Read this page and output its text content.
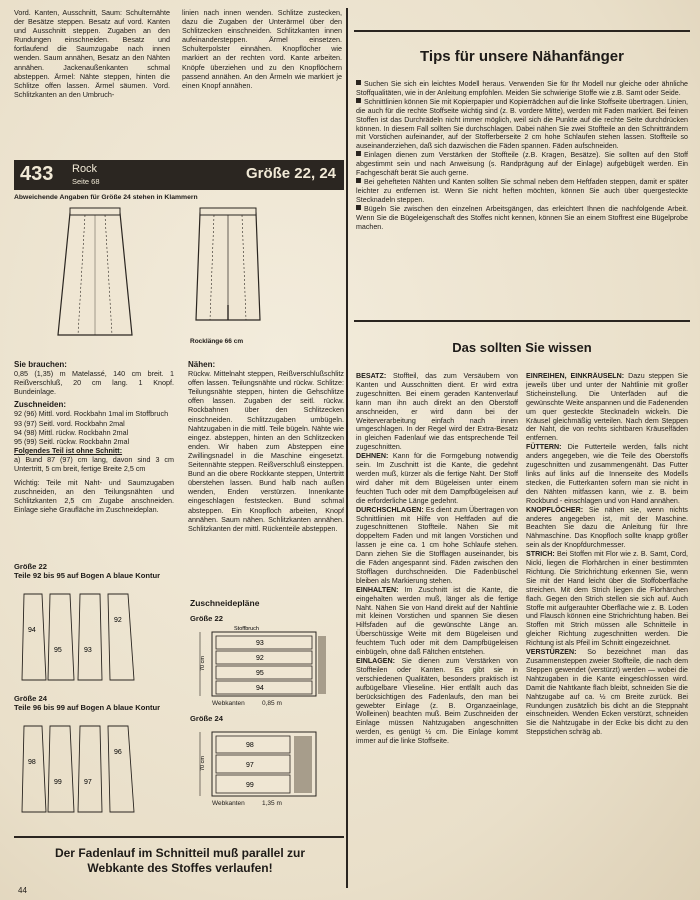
Vord. Kanten, Ausschnitt, Saum: Schulternähte der Besätze steppen. Besatz auf vord. Kanten und Ausschnitt steppen. Zugaben an den Rundungen einschneiden. Besatz und fortlaufend die Saumzugabe nach innen wenden. Saum annähen, Besatz an den Nähten annähen. Jackenaußenkanten schmal absteppen. Ärmel: Nähte steppen, hinten die Schlitze offen lassen. Ärmel säumen. Vord. Schlitzkanten an den Umbruch-
linien nach innen wenden. Schlitze zustecken, dazu die Zugaben der Unterärmel über den Schlitzecken einschneiden. Schlitzkanten innen aufeinandersteppen. Ärmel einsetzen. Schulterpolster einnähen. Knopflöcher wie markiert an der rechten vord. Kante arbeiten. Knöpfe überziehen und zu den Knopflöchern passend annähen. An den Ärmeln wie markiert je einen Knopf annähen.
433 Rock
Seite 68	Größe 22, 24
Abweichende Angaben für Größe 24 stehen in Klammern
Rocklänge 66 cm

Sie brauchen:

0,85 (1,35) m Matelassé, 140 cm breit. 1 Reißverschluß, 20 cm lang. 1 Knopf. Bundeinlage.

Zuschneiden:

92 (96) Mittl. vord. Rockbahn 1mal im Stoffbruch

93 (97) Seitl. vord. Rockbahn 2mal

94 (98) Mittl. rückw. Rockbahn 2mal

95 (99) Seitl. rückw. Rockbahn 2mal

Folgendes Teil ist ohne Schnitt:

a) Bund 87 (97) cm lang, davon sind 3 cm Untertritt, 5 cm breit, fertige Breite 2,5 cm

Wichtig: Teile mit Naht- und Saumzugaben zuschneiden, an den Teilungsnähten und Schlitzkanten 2,5 cm Zugabe anschneiden. Einlage siehe Graufläche im Zuschneideplan.

Größe 22
Teile 92 bis 95 auf Bogen A blaue Kontur
94
95	93
92
Größe 24
Teile 96 bis 99 auf Bogen A blaue Kontur
98
99	97
96

Nähen:

Rückw. Mittelnaht steppen, Reißverschlußschlitz offen lassen. Teilungsnähte und rückw. Schlitze: Teilungsnähte steppen, hinten die Gehschlitze offen lassen. Zugaben der seitl. rückw. Rockbahnen über den Schlitzecken einschneiden. Schlitzzugaben umbügeln. Nahtzugaben in die mittl. Teile bügeln. Nähte wie eingez. absteppen, hinten an den Schlitzecken enden. Wir haben zum Absteppen eine Zwillingsnadel in die Maschine eingesetzt. Seitennähte steppen. Reißverschluß einsteppen. Bund an die obere Rockkante steppen, Untertritt überstehen lassen. Bund halb nach außen wenden, Enden verstürzen. Innenkante eingeschlagen feststecken. Bund schmal absteppen. Ein Knopfloch arbeiten, Knopf annähen. Saum nähen. Schlitzkanten annähen. Schlitzkanten der mittl. Rückenteile absteppen.

Zuschneidepläne
Größe 22
93
92
95
94
Stoffbruch
70 cm
Webkanten	0,85 m
Größe 24
98
97
99
70 cm
Webkanten	1,35 m
Der Fadenlauf im Schnitteil muß parallel zur Webkante des Stoffes verlaufen!
44
Tips für unsere Nähanfänger

Suchen Sie sich ein leichtes Modell heraus. Verwenden Sie für Ihr Modell nur gleiche oder ähnliche Stoffqualitäten, wie in der Anleitung empfohlen. Meiden Sie schwierige Stoffe wie z.B. Samt oder Seide.

Schnittlinien können Sie mit Kopierpapier und Kopierrädchen auf die linke Stoffseite übertragen. Linien, die auch für die rechte Stoffseite wichtig sind (z. B. vordere Mitte), werden mit Faden markiert. Bei feinen Stoffen ist das Durchrädeln nicht immer möglich, weil sich die Punkte auf die rechte Seite durchdrücken können. In diesem Fall sollten Sie durchschlagen. Dabei nähen Sie zwei Stoffteile an den Schnitträndern mit Vorstichen aufeinander, auf der Stofferberseite 2 cm hohe Schlaufen stehen lassen. Stoffteile so auseinanderziehen, daß sich dazwischen die Fäden spannen. Fäden aufschneiden.

Einlagen dienen zum Verstärken der Stoffteile (z.B. Kragen, Besätze). Sie sollten auf den Stoff abgestimmt sein und nach Anweisung (s. Randprägung auf der Einlage) aufgebügelt werden. Ein Fachgeschäft berät Sie auch gerne.

Bei gehefteten Nähten und Kanten sollten Sie schmal neben dem Heftfaden steppen, damit er später leichter zu entfernen ist. Wenn Sie nicht heften möchten, können Sie auch über quergesteckte Stecknadeln steppen.

Bügeln Sie zwischen den einzelnen Arbeitsgängen, das erleichtert Ihnen die nachfolgende Arbeit. Wenn Sie die Bügeleigenschaft des Stoffes nicht kennen, können Sie an einem Stoffrest eine Bügelprobe machen.

Das sollten Sie wissen

BESATZ: Stoffteil, das zum Versäubern von Kanten und Ausschnitten dient. Er wird extra zugeschnitten. Bei einem geraden Kantenverlauf kann man ihn auch direkt an den Oberstoff anschneiden, er wird dann bei der Weiterverarbeitung einfach nach innen umgeschlagen. In der Regel wird der Extra-Besatz in gleichen Fadenlauf wie das entsprechende Teil zugeschnitten.

DEHNEN: Kann für die Formgebung notwendig sein. Im Zuschnitt ist die Kante, die gedehnt werden muß, kürzer als die fertige Naht. Der Stoff wird daher mit dem Bügeleisen unter einem feuchten Tuch oder mit dem Dampfbügeleisen auf die erforderliche Länge gedehnt.

DURCHSCHLAGEN: Es dient zum Übertragen von Schnittlinien mit Hilfe von Heftfaden auf die zugeschnittenen Stoffteile. Nähen Sie mit doppeltem Faden und mit langen Vorstichen und lassen je eine ca. 1 cm hohe Schlaufe stehen. Dann ziehen Sie die Stofflagen auseinander, bis die Fäden angespannt sind. Fäden zwischen den Stofflagen durchschneiden. Die Fadenbüschel bleiben als Markierung stehen.

EINHALTEN: Im Zuschnitt ist die Kante, die eingehalten werden muß, länger als die fertige Naht. Nähen Sie von Hand direkt auf der Nahtlinie mit kleinen Vorstichen und spannen Sie diesen Hilfsfaden auf die gewünschte Länge an. Überschüssige Weite mit dem Bügeleisen und feuchtem Tuch oder mit dem Dampfbügeleisen einbügeln, ohne daß Fältchen entstehen.

EINLAGEN: Sie dienen zum Verstärken von Stoffteilen oder Kanten. Es gibt sie in verschiedenen Qualitäten, besonders praktisch ist aufbügelbare Vlieseline. Hier entfällt auch das berücksichtigen des Fadenlaufs, den man bei gewebter Einlage (z. B. Organzaeinlage, Wolleinen) beachten muß. Beim Zuschneiden der Einlage müssen Nahtzugaben angeschnitten werden, es genügt ½ cm. Die Einlage kommt immer auf die linke Stoffseite.

EINREIHEN, EINKRÄUSELN: Dazu steppen Sie jeweils über und unter der Nahtlinie mit großer Sticheinstellung. Die Unterfäden auf die gewünschte Weite anspannen und die Fadenenden um quer gesteckte Stecknadeln wickeln. Die Kräusel gleichmäßig verteilen. Nach dem Steppen der Naht, die von rechts sichtbaren Kräuselfäden entfernen.

FÜTTERN: Die Futterteile werden, falls nicht anders angegeben, wie die Teile des Oberstoffs zugeschnitten und zusammengenäht. Das Futter links auf links auf die Innenseite des Modells stecken, die Futterkanten sofern man sie nicht in den Nähten mitfassen kann, wie z. B. beim Rockbund - einschlagen und von Hand annähen.

KNOPFLÖCHER: Sie nähen sie, wenn nichts anderes angegeben ist, mit der Maschine. Beachten Sie dazu die Anleitung für Ihre Nähmaschine. Das Knopfloch sollte knapp größer sein als der Knopfdurchmesser.

STRICH: Bei Stoffen mit Flor wie z. B. Samt, Cord, Nicki, liegen die Florhärchen in einer bestimmten Richtung. Die Strichrichtung erkennen Sie, wenn Sie mit der Hand leicht über die Stoffoberfläche streichen. Mit dem Strich liegen die Florhärchen flach. Gegen den Strich stellen sie sich auf. Auch Stoffe mit aufgerauhter Oberfläche wie z. B. Loden und Flausch können eine Strichrichtung haben. Bei Stoffen mit Strich müssen alle Schnitteile in gleicher Richtung zugeschnitten werden. Die Richtung ist als Pfeil im Schnitt eingezeichnet.

VERSTÜRZEN: So bezeichnet man das Zusammensteppen zweier Stoffteile, die nach dem Steppen gewendet (verstürzt) werden — wobei die Nahtzugaben in die Kante eingeschlossen wird. Damit die Nahtkante flach bleibt, schneiden Sie die Nahtzugabe auf ca. ½ cm Breite zurück. Bei Rundungen zusätzlich bis dicht an die Steppnaht einschneiden. Wenden Ecken verstürzt, schneiden Sie die Nahtzugabe in der Ecke bis dicht zu den Steppstichen schräg ab.
